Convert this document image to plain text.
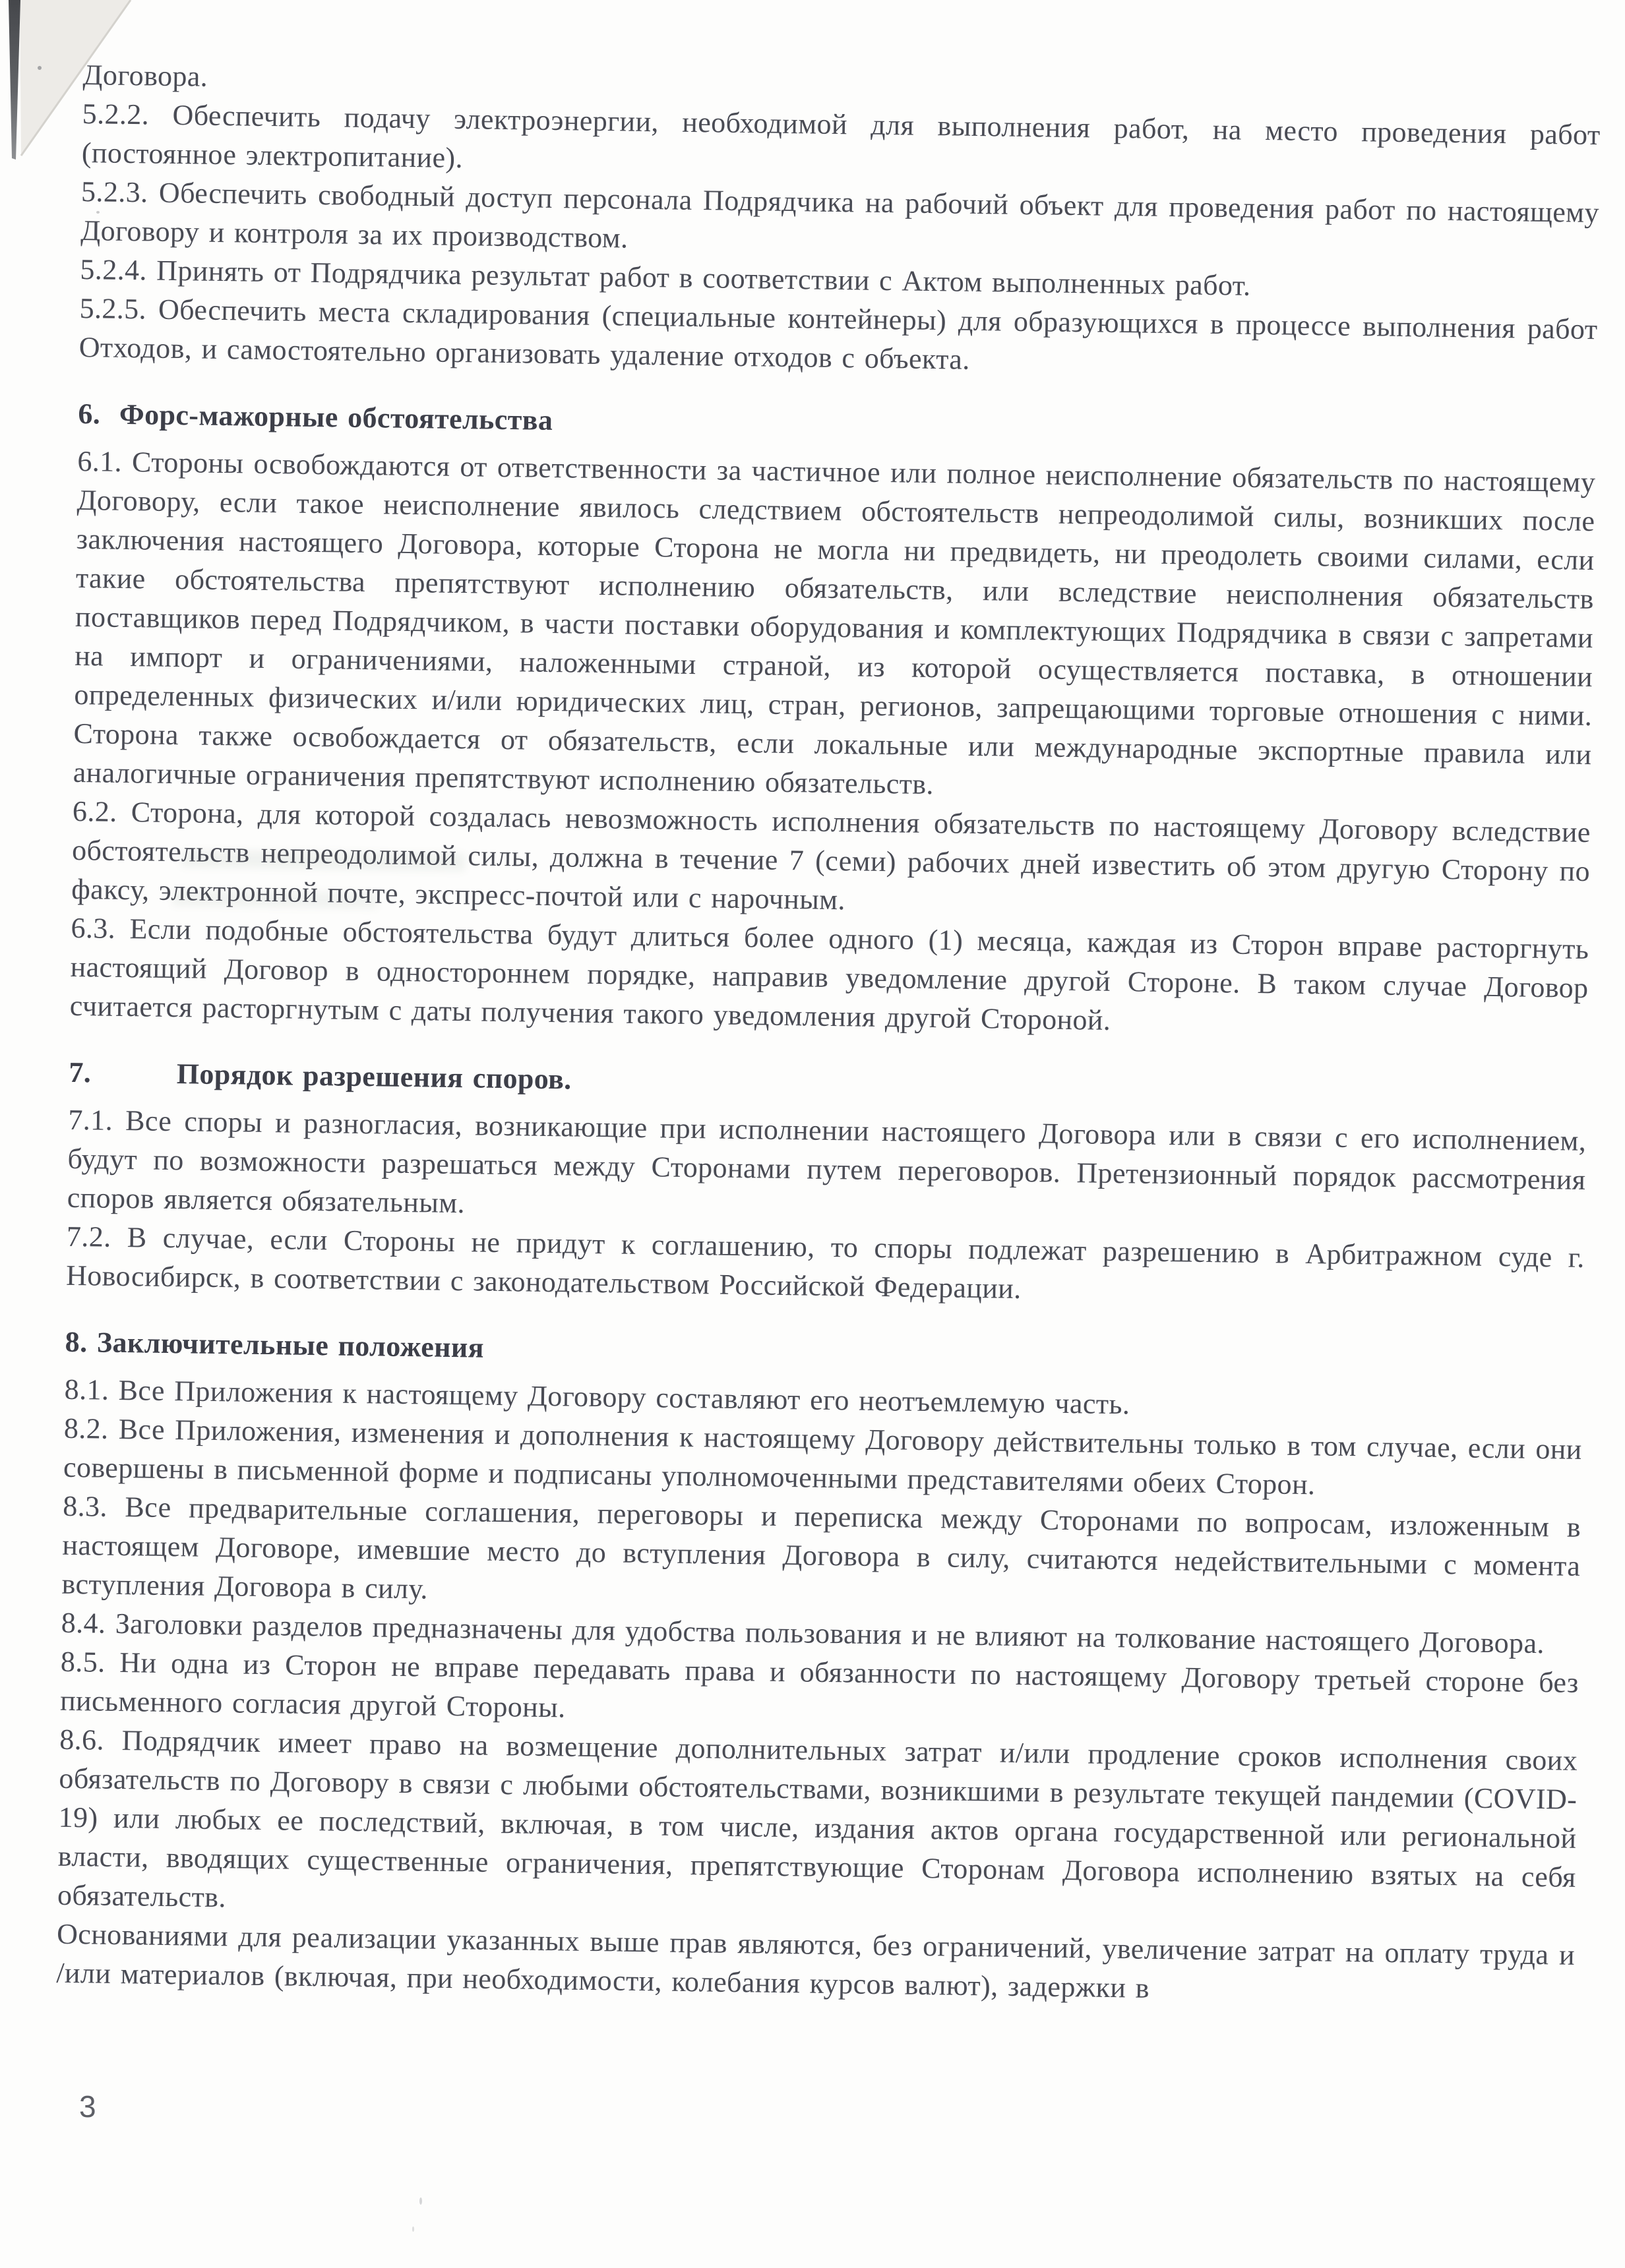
Договора.
5.2.2. Обеспечить подачу электроэнергии, необходимой для выполнения работ, на место проведения работ (постоянное электропитание).
5.2.3. Обеспечить свободный доступ персонала Подрядчика на рабочий объект для проведения работ по настоящему Договору и контроля за их производством.
5.2.4. Принять от Подрядчика результат работ в соответствии с Актом выполненных работ.
5.2.5. Обеспечить места складирования (специальные контейнеры) для образующихся в процессе выполнения работ Отходов, и самостоятельно организовать удаление отходов с объекта.
6.  Форс-мажорные обстоятельства
6.1. Стороны освобождаются от ответственности за частичное или полное неисполнение обязательств по настоящему Договору, если такое неисполнение явилось следствием обстоятельств непреодолимой силы, возникших после заключения настоящего Договора, которые Сторона не могла ни предвидеть, ни преодолеть своими силами, если такие обстоятельства препятствуют исполнению обязательств, или вследствие неисполнения обязательств поставщиков перед Подрядчиком, в части поставки оборудования и комплектующих Подрядчика в связи с запретами на импорт и ограничениями, наложенными страной, из которой осуществляется поставка, в отношении определенных физических и/или юридических лиц, стран, регионов, запрещающими торговые отношения с ними. Сторона также освобождается от обязательств, если локальные или международные экспортные правила или аналогичные ограничения препятствуют исполнению обязательств.
6.2. Сторона, для которой создалась невозможность исполнения обязательств по настоящему Договору вследствие обстоятельств непреодолимой силы, должна в течение 7 (семи) рабочих дней известить об этом другую Сторону по факсу, электронной почте, экспресс-почтой или с нарочным.
6.3. Если подобные обстоятельства будут длиться более одного (1) месяца, каждая из Сторон вправе расторгнуть настоящий Договор в одностороннем порядке, направив уведомление другой Стороне. В таком случае Договор считается расторгнутым с даты получения такого уведомления другой Стороной.
7.         Порядок разрешения споров.
7.1. Все споры и разногласия, возникающие при исполнении настоящего Договора или в связи с его исполнением, будут по возможности разрешаться между Сторонами путем переговоров. Претензионный порядок рассмотрения споров является обязательным.
7.2. В случае, если Стороны не придут к соглашению, то споры подлежат разрешению в Арбитражном суде г. Новосибирск, в соответствии с законодательством Российской Федерации.
8. Заключительные положения
8.1. Все Приложения к настоящему Договору составляют его неотъемлемую часть.
8.2. Все Приложения, изменения и дополнения к настоящему Договору действительны только в том случае, если они совершены в письменной форме и подписаны уполномоченными представителями обеих Сторон.
8.3. Все предварительные соглашения, переговоры и переписка между Сторонами по вопросам, изложенным в настоящем Договоре, имевшие место до вступления Договора в силу, считаются недействительными с момента вступления Договора в силу.
8.4. Заголовки разделов предназначены для удобства пользования и не влияют на толкование настоящего Договора.
8.5. Ни одна из Сторон не вправе передавать права и обязанности по настоящему Договору третьей стороне без письменного согласия другой Стороны.
8.6. Подрядчик имеет право на возмещение дополнительных затрат и/или продление сроков исполнения своих обязательств по Договору в связи с любыми обстоятельствами, возникшими в результате текущей пандемии (COVID-19) или любых ее последствий, включая, в том числе, издания актов органа государственной или региональной власти, вводящих существенные ограничения, препятствующие Сторонам Договора исполнению взятых на себя обязательств.
Основаниями для реализации указанных выше прав являются, без ограничений, увеличение затрат на оплату труда и /или материалов (включая, при необходимости, колебания курсов валют), задержки в
3
